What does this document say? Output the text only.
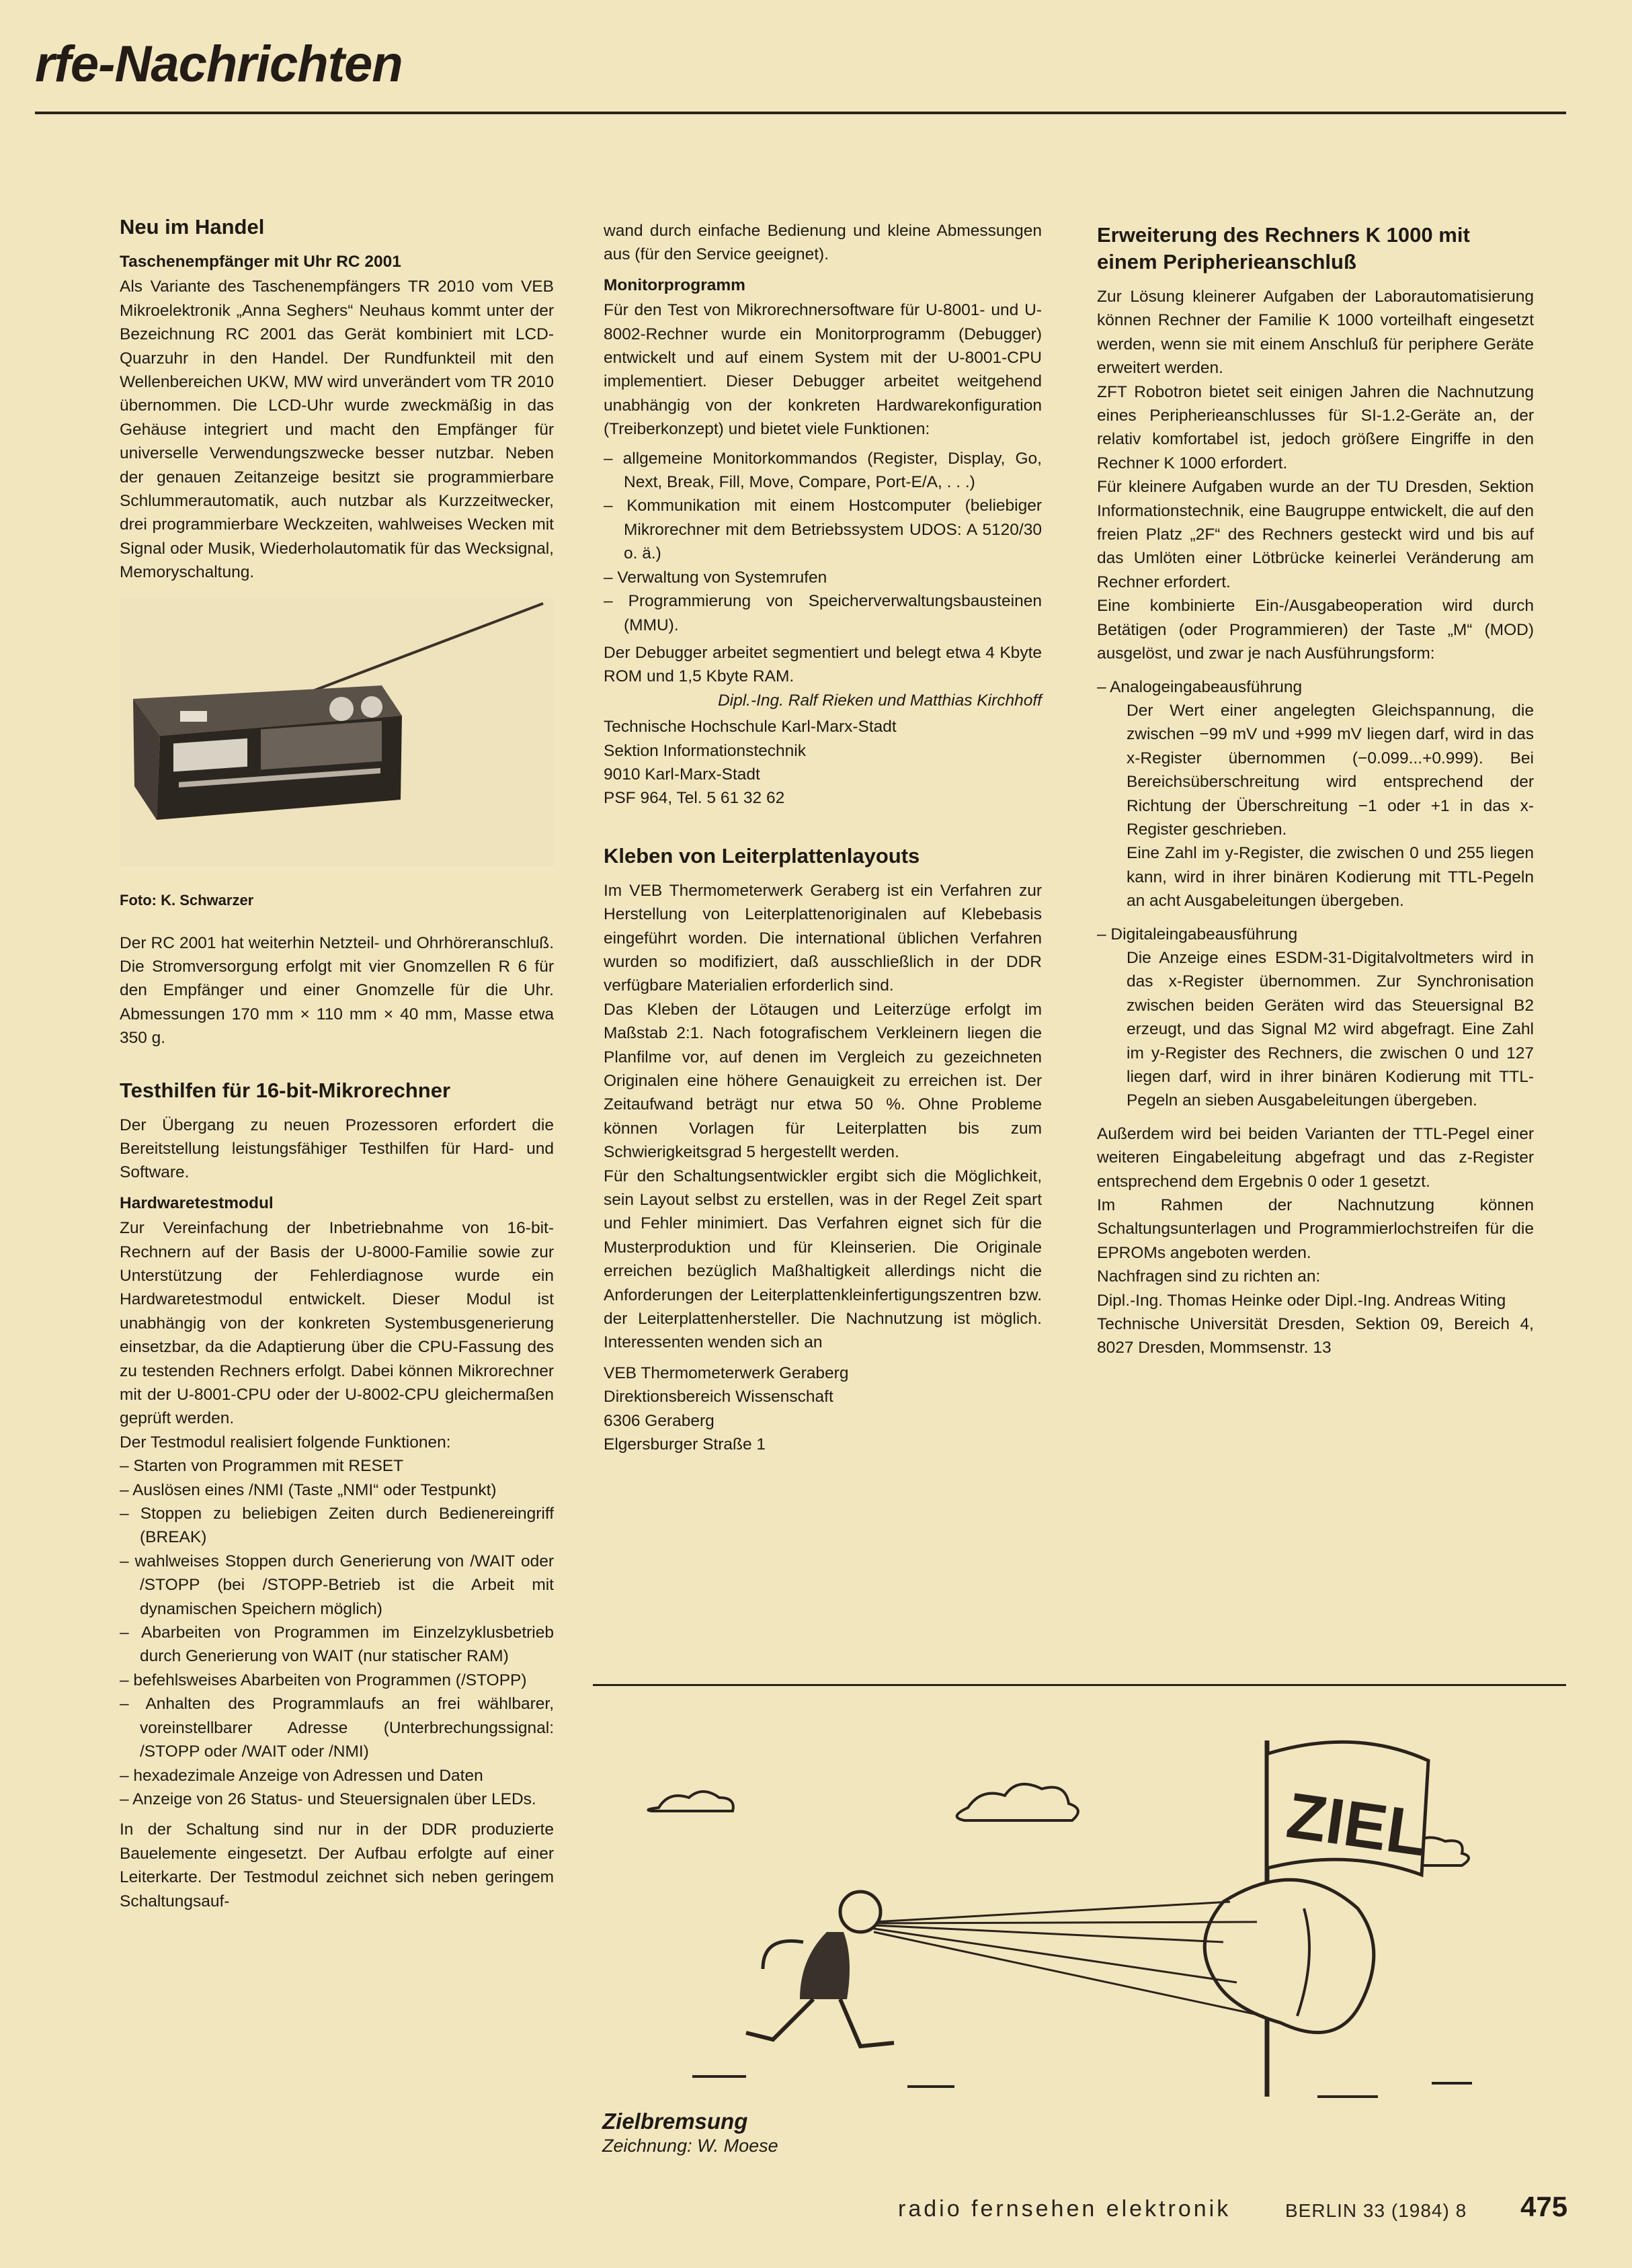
rfe-Nachrichten
Neu im Handel
Taschenempfänger mit Uhr RC 2001

Als Variante des Taschenempfängers TR 2010 vom VEB Mikroelektronik „Anna Seghers“ Neuhaus kommt unter der Bezeichnung RC 2001 das Gerät kombiniert mit LCD-Quarzuhr in den Handel. Der Rundfunkteil mit den Wellenbereichen UKW, MW wird unverändert vom TR 2010 übernommen. Die LCD-Uhr wurde zweckmäßig in das Gehäuse integriert und macht den Empfänger für universelle Verwendungszwecke besser nutzbar. Neben der genauen Zeitanzeige besitzt sie programmierbare Schlummerautomatik, auch nutzbar als Kurzzeitwecker, drei programmierbare Weckzeiten, wahlweises Wecken mit Signal oder Musik, Wiederholautomatik für das Wecksignal, Memoryschaltung.

Foto: K. Schwarzer

Der RC 2001 hat weiterhin Netzteil- und Ohrhöreranschluß. Die Stromversorgung erfolgt mit vier Gnomzellen R 6 für den Empfänger und einer Gnomzelle für die Uhr. Abmessungen 170 mm × 110 mm × 40 mm, Masse etwa 350 g.

Testhilfen für 16-bit-Mikrorechner

Der Übergang zu neuen Prozessoren erfordert die Bereitstellung leistungsfähiger Testhilfen für Hard- und Software.

Hardwaretestmodul

Zur Vereinfachung der Inbetriebnahme von 16-bit-Rechnern auf der Basis der U-8000-Familie sowie zur Unterstützung der Fehlerdiagnose wurde ein Hardwaretestmodul entwickelt. Dieser Modul ist unabhängig von der konkreten Systembusgenerierung einsetzbar, da die Adaptierung über die CPU-Fassung des zu testenden Rechners erfolgt. Dabei können Mikrorechner mit der U-8001-CPU oder der U-8002-CPU gleichermaßen geprüft werden.

Der Testmodul realisiert folgende Funktionen:

– Starten von Programmen mit RESET
– Auslösen eines /NMI (Taste „NMI“ oder Testpunkt)
– Stoppen zu beliebigen Zeiten durch Bedienereingriff (BREAK)
– wahlweises Stoppen durch Generierung von /WAIT oder /STOPP (bei /STOPP-Betrieb ist die Arbeit mit dynamischen Speichern möglich)
– Abarbeiten von Programmen im Einzelzyklusbetrieb durch Generierung von WAIT (nur statischer RAM)
– befehlsweises Abarbeiten von Programmen (/STOPP)
– Anhalten des Programmlaufs an frei wählbarer, voreinstellbarer Adresse (Unterbrechungssignal: /STOPP oder /WAIT oder /NMI)
– hexadezimale Anzeige von Adressen und Daten
– Anzeige von 26 Status- und Steuersignalen über LEDs.

In der Schaltung sind nur in der DDR produzierte Bauelemente eingesetzt. Der Aufbau erfolgte auf einer Leiterkarte. Der Testmodul zeichnet sich neben geringem Schaltungsauf-

wand durch einfache Bedienung und kleine Abmessungen aus (für den Service geeignet).

Monitorprogramm

Für den Test von Mikrorechnersoftware für U-8001- und U-8002-Rechner wurde ein Monitorprogramm (Debugger) entwickelt und auf einem System mit der U-8001-CPU implementiert. Dieser Debugger arbeitet weitgehend unabhängig von der konkreten Hardwarekonfiguration (Treiberkonzept) und bietet viele Funktionen:

– allgemeine Monitorkommandos (Register, Display, Go, Next, Break, Fill, Move, Compare, Port-E/A, . . .)
– Kommunikation mit einem Hostcomputer (beliebiger Mikrorechner mit dem Betriebssystem UDOS: A 5120/30 o. ä.)
– Verwaltung von Systemrufen
– Programmierung von Speicherverwaltungsbausteinen (MMU).

Der Debugger arbeitet segmentiert und belegt etwa 4 Kbyte ROM und 1,5 Kbyte RAM.

Dipl.-Ing. Ralf Rieken und Matthias Kirchhoff

Technische Hochschule Karl-Marx-Stadt
Sektion Informationstechnik
9010 Karl-Marx-Stadt
PSF 964, Tel. 5 61 32 62
Kleben von Leiterplattenlayouts

Im VEB Thermometerwerk Geraberg ist ein Verfahren zur Herstellung von Leiterplattenoriginalen auf Klebebasis eingeführt worden. Die international üblichen Verfahren wurden so modifiziert, daß ausschließlich in der DDR verfügbare Materialien erforderlich sind.

Das Kleben der Lötaugen und Leiterzüge erfolgt im Maßstab 2:1. Nach fotografischem Verkleinern liegen die Planfilme vor, auf denen im Vergleich zu gezeichneten Originalen eine höhere Genauigkeit zu erreichen ist. Der Zeitaufwand beträgt nur etwa 50 %. Ohne Probleme können Vorlagen für Leiterplatten bis zum Schwierigkeitsgrad 5 hergestellt werden.

Für den Schaltungsentwickler ergibt sich die Möglichkeit, sein Layout selbst zu erstellen, was in der Regel Zeit spart und Fehler minimiert. Das Verfahren eignet sich für die Musterproduktion und für Kleinserien. Die Originale erreichen bezüglich Maßhaltigkeit allerdings nicht die Anforderungen der Leiterplattenkleinfertigungszentren bzw. der Leiterplattenhersteller. Die Nachnutzung ist möglich. Interessenten wenden sich an

VEB Thermometerwerk Geraberg
Direktionsbereich Wissenschaft
6306 Geraberg
Elgersburger Straße 1
Erweiterung des Rechners K 1000 mit einem Peripherieanschluß

Zur Lösung kleinerer Aufgaben der Laborautomatisierung können Rechner der Familie K 1000 vorteilhaft eingesetzt werden, wenn sie mit einem Anschluß für periphere Geräte erweitert werden.

ZFT Robotron bietet seit einigen Jahren die Nachnutzung eines Peripherieanschlusses für SI-1.2-Geräte an, der relativ komfortabel ist, jedoch größere Eingriffe in den Rechner K 1000 erfordert.

Für kleinere Aufgaben wurde an der TU Dresden, Sektion Informationstechnik, eine Baugruppe entwickelt, die auf den freien Platz „2F“ des Rechners gesteckt wird und bis auf das Umlöten einer Lötbrücke keinerlei Veränderung am Rechner erfordert.

Eine kombinierte Ein-/Ausgabeoperation wird durch Betätigen (oder Programmieren) der Taste „M“ (MOD) ausgelöst, und zwar je nach Ausführungsform:

– Analogeingabeausführung

Der Wert einer angelegten Gleichspannung, die zwischen −99 mV und +999 mV liegen darf, wird in das x-Register übernommen (−0.099...+0.999). Bei Bereichsüberschreitung wird entsprechend der Richtung der Überschreitung −1 oder +1 in das x-Register geschrieben.

Eine Zahl im y-Register, die zwischen 0 und 255 liegen kann, wird in ihrer binären Kodierung mit TTL-Pegeln an acht Ausgabeleitungen übergeben.

– Digitaleingabeausführung

Die Anzeige eines ESDM-31-Digitalvoltmeters wird in das x-Register übernommen. Zur Synchronisation zwischen beiden Geräten wird das Steuersignal B2 erzeugt, und das Signal M2 wird abgefragt. Eine Zahl im y-Register des Rechners, die zwischen 0 und 127 liegen darf, wird in ihrer binären Kodierung mit TTL-Pegeln an sieben Ausgabeleitungen übergeben.

Außerdem wird bei beiden Varianten der TTL-Pegel einer weiteren Eingabeleitung abgefragt und das z-Register entsprechend dem Ergebnis 0 oder 1 gesetzt.

Im Rahmen der Nachnutzung können Schaltungsunterlagen und Programmierlochstreifen für die EPROMs angeboten werden.

Nachfragen sind zu richten an:

Dipl.-Ing. Thomas Heinke oder Dipl.-Ing. Andreas Witing

Technische Universität Dresden, Sektion 09, Bereich 4, 8027 Dresden, Mommsenstr. 13

ZIEL
Zielbremsung
Zeichnung: W. Moese
radio fernsehen elektronik	BERLIN 33 (1984) 8 475
